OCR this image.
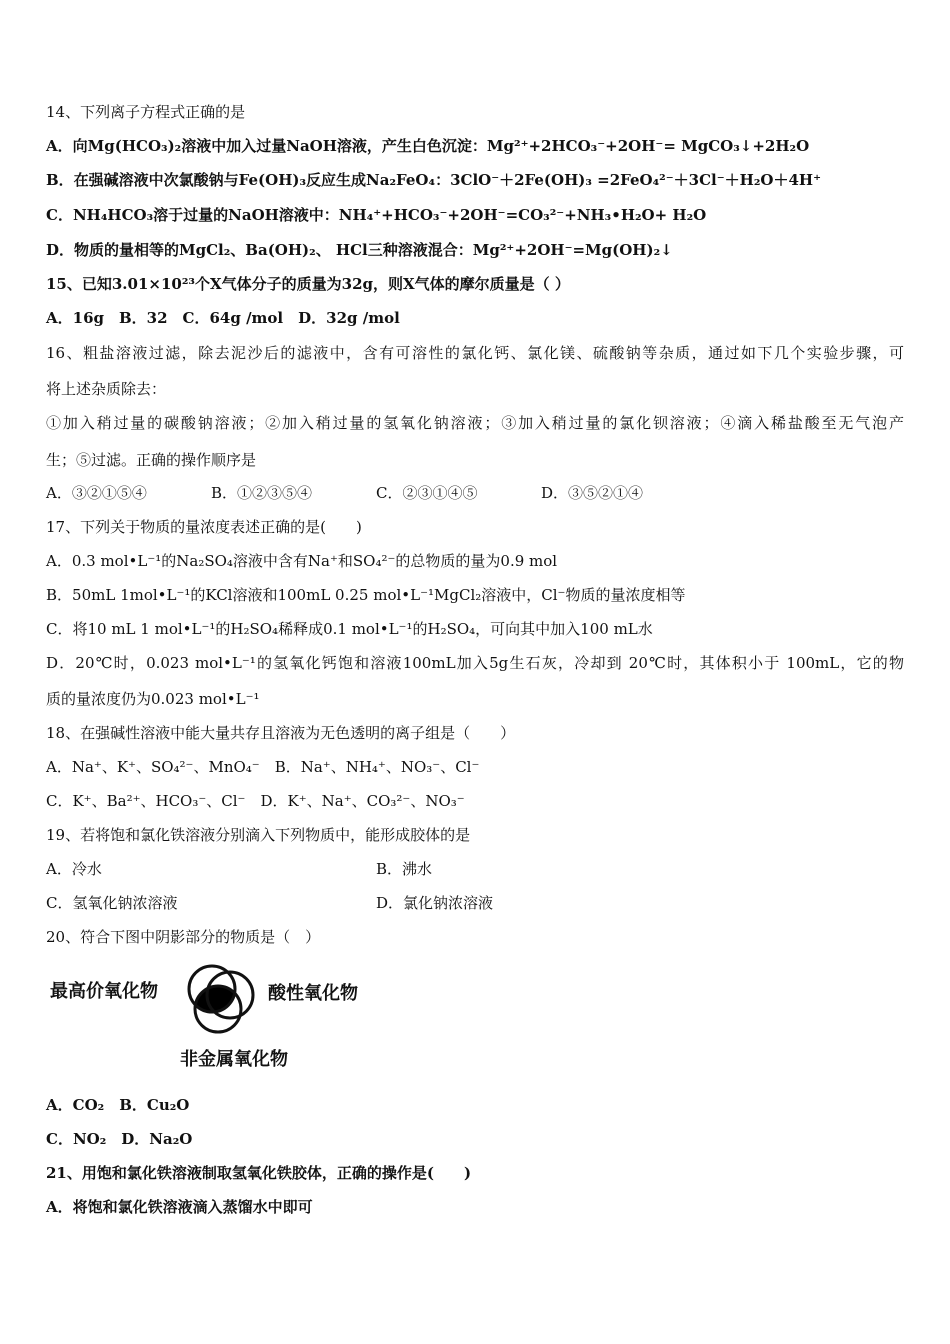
14、下列离子方程式正确的是
A．向Mg(HCO₃)₂溶液中加入过量NaOH溶液，产生白色沉淀：Mg²⁺+2HCO₃⁻+2OH⁻= MgCO₃↓+2H₂O
B．在强碱溶液中次氯酸钠与Fe(OH)₃反应生成Na₂FeO₄：3ClO⁻＋2Fe(OH)₃ =2FeO₄²⁻＋3Cl⁻＋H₂O＋4H⁺
C．NH₄HCO₃溶于过量的NaOH溶液中：NH₄⁺+HCO₃⁻+2OH⁻=CO₃²⁻+NH₃•H₂O+ H₂O
D．物质的量相等的MgCl₂、Ba(OH)₂、 HCl三种溶液混合：Mg²⁺+2OH⁻=Mg(OH)₂↓
15、已知3.01×10²³个X气体分子的质量为32g，则X气体的摩尔质量是（ ）
A．16g　B．32　C．64g /mol　D．32g /mol
16、粗盐溶液过滤，除去泥沙后的滤液中，含有可溶性的氯化钙、氯化镁、硫酸钠等杂质，通过如下几个实验步骤，可
将上述杂质除去：
①加入稍过量的碳酸钠溶液；②加入稍过量的氢氧化钠溶液；③加入稍过量的氯化钡溶液；④滴入稀盐酸至无气泡产
生；⑤过滤。正确的操作顺序是
A．③②①⑤④	B．①②③⑤④	C．②③①④⑤	D．③⑤②①④
17、下列关于物质的量浓度表述正确的是(　　)
A．0.3 mol•L⁻¹的Na₂SO₄溶液中含有Na⁺和SO₄²⁻的总物质的量为0.9 mol
B．50mL 1mol•L⁻¹的KCl溶液和100mL 0.25 mol•L⁻¹MgCl₂溶液中，Cl⁻物质的量浓度相等
C．将10 mL 1 mol•L⁻¹的H₂SO₄稀释成0.1 mol•L⁻¹的H₂SO₄，可向其中加入100 mL水
D．20℃时，0.023 mol•L⁻¹的氢氧化钙饱和溶液100mL加入5g生石灰，冷却到 20℃时，其体积小于 100mL，它的物
质的量浓度仍为0.023 mol•L⁻¹
18、在强碱性溶液中能大量共存且溶液为无色透明的离子组是（　　）
A．Na⁺、K⁺、SO₄²⁻、MnO₄⁻　B．Na⁺、NH₄⁺、NO₃⁻、Cl⁻
C．K⁺、Ba²⁺、HCO₃⁻、Cl⁻　D．K⁺、Na⁺、CO₃²⁻、NO₃⁻
19、若将饱和氯化铁溶液分别滴入下列物质中，能形成胶体的是
A．冷水	B．沸水
C．氢氧化钠浓溶液	D．氯化钠浓溶液
20、符合下图中阴影部分的物质是（　）
最高价氧化物	酸性氧化物
非金属氧化物
A．CO₂　B．Cu₂O
C．NO₂　D．Na₂O
21、用饱和氯化铁溶液制取氢氧化铁胶体，正确的操作是(　　)
A．将饱和氯化铁溶液滴入蒸馏水中即可
